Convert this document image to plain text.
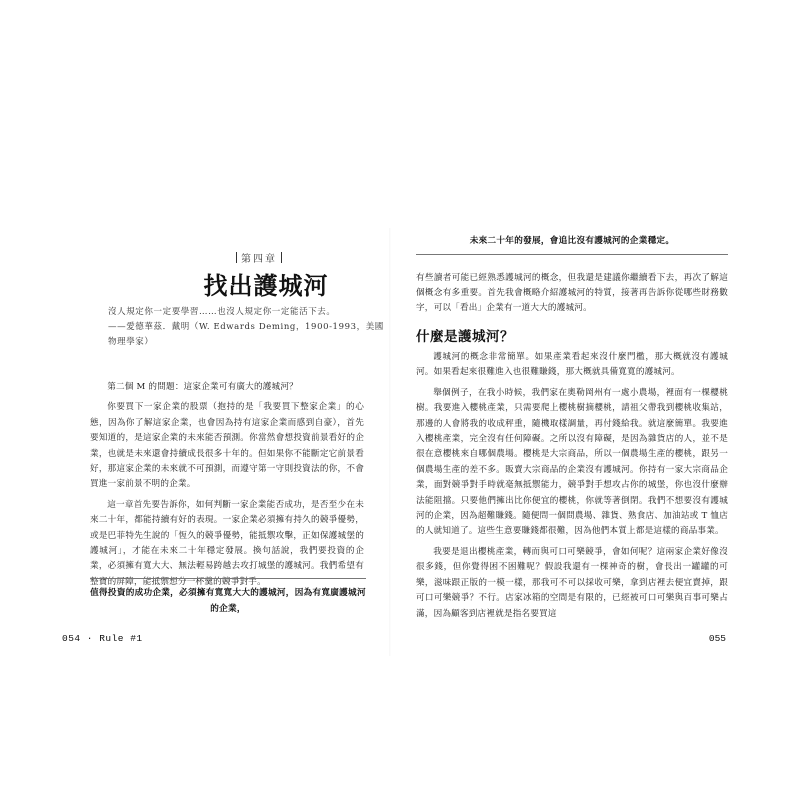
第四章
找出護城河
沒人規定你一定要學習……也沒人規定你一定能活下去。
——愛德華茲．戴明（W. Edwards Deming，1900-1993，美國物理學家）

第二個 M 的問題：這家企業可有廣大的護城河？

你要買下一家企業的股票（抱持的是「我要買下整家企業」的心態，因為你了解這家企業，也會因為持有這家企業而感到自豪），首先要知道的，是這家企業的未來能否預測。你當然會想投資前景看好的企業，也就是未來還會持續成長很多十年的。但如果你不能斷定它前景看好，那這家企業的未來就不可預測，而遵守第一守則投資法的你，不會買進一家前景不明的企業。

這一章首先要告訴你，如何判斷一家企業能否成功，是否至少在未來二十年，都能持續有好的表現。一家企業必須擁有持久的競爭優勢，或是巴菲特先生說的「恆久的競爭優勢，能抵禦攻擊，正如保護城堡的護城河」，才能在未來二十年穩定發展。換句話說，我們要投資的企業，必須擁有寬大大、無法輕易跨越去攻打城堡的護城河。我們希望有整寶的屏障，能抵禦想分一杯羹的競爭對手。

值得投資的成功企業，必須擁有寬寬大大的護城河，因為有寬廣護城河的企業，
054 · Rule #1
未來二十年的發展，會追比沒有護城河的企業穩定。

有些讀者可能已經熟悉護城河的概念，但我還是建議你繼續看下去，再次了解這個概念有多重要。首先我會概略介紹護城河的特質，接著再告訴你從哪些財務數字，可以「看出」企業有一道大大的護城河。

什麼是護城河？

護城河的概念非常簡單。如果產業看起來沒什麼門檻，那大概就沒有護城河。如果看起來很難進入也很難賺錢，那大概就具備寬寬的護城河。

舉個例子，在我小時候，我們家在奧勒岡州有一處小農場，裡面有一棵櫻桃樹。我要進入櫻桃產業，只需要爬上櫻桃樹摘櫻桃，請祖父帶我到櫻桃收集站，那邊的人會將我的收成秤重，隨機取樣調量，再付錢給我。就這麼簡單。我要進入櫻桃產業，完全沒有任何障礙。之所以沒有障礙，是因為雜貨店的人，並不是很在意櫻桃來自哪個農場。櫻桃是大宗商品，所以一個農場生產的櫻桃，跟另一個農場生產的差不多。販賣大宗商品的企業沒有護城河。你持有一家大宗商品企業，面對競爭對手時就毫無抵禦能力，競爭對手想攻占你的城堡，你也沒什麼辦法能阻擋。只要他們擁出比你便宜的櫻桃，你就等著倒閉。我們不想要沒有護城河的企業，因為超難賺錢。隨便問一個問農場、雜貨、熟食店、加油站或 T 恤店的人就知道了。這些生意要賺錢都很難，因為他們本質上都是這樣的商品事業。

我要是退出櫻桃產業，轉而與可口可樂競爭，會如何呢？這兩家企業好像沒很多錢，但你覺得困不困難呢？假設我還有一棵神奇的樹，會長出一罐罐的可樂，滋味跟正版的一模一樣，那我可不可以採收可樂，拿到店裡去便宜賣掉，跟可口可樂競爭？不行。店家冰箱的空間是有限的，已經被可口可樂與百事可樂占滿，因為顧客到店裡就是指名要買這

055
